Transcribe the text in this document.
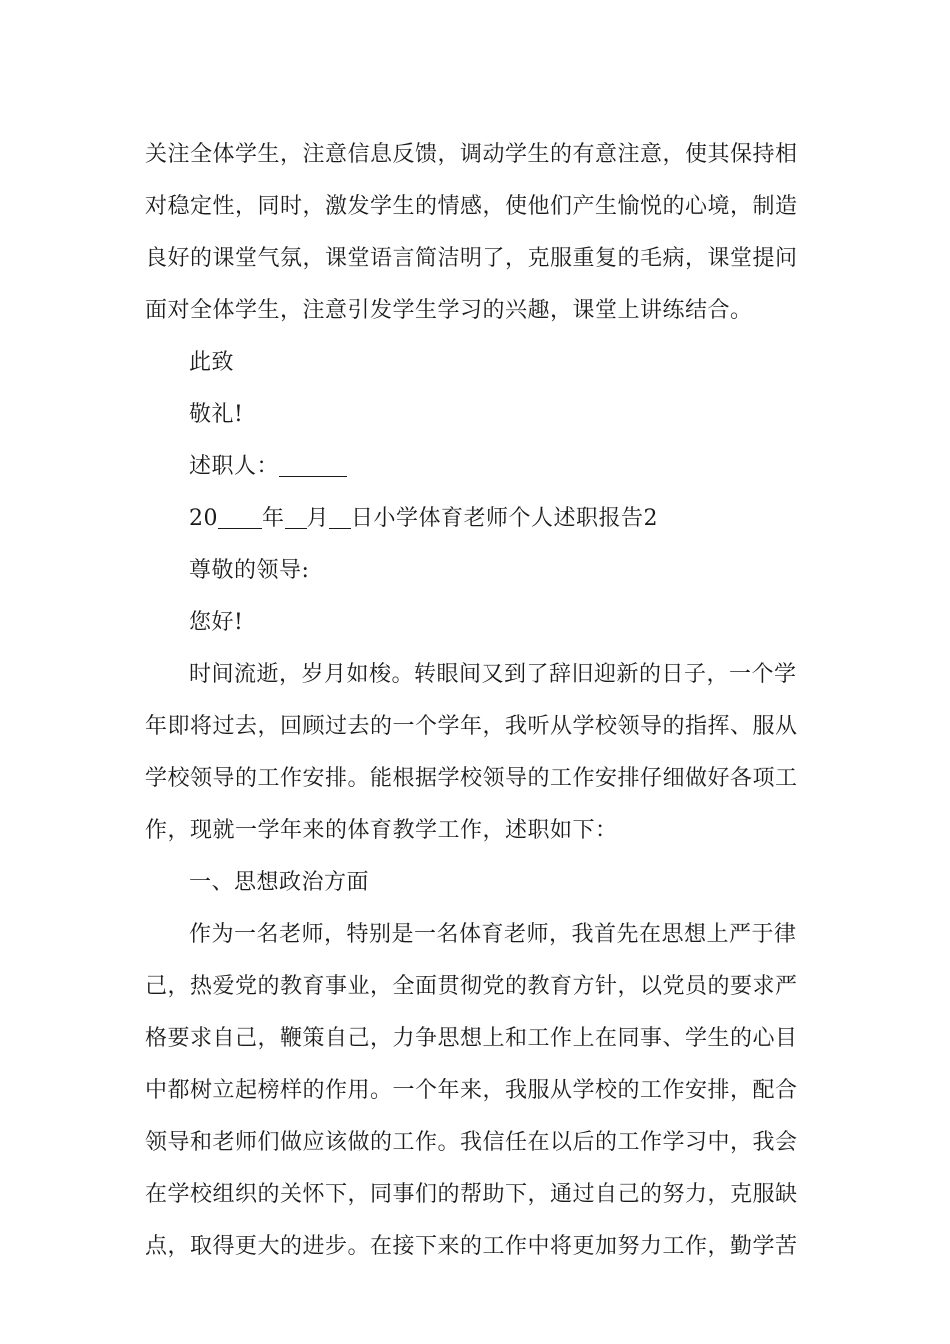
关注全体学生，注意信息反馈，调动学生的有意注意，使其保持相
对稳定性，同时，激发学生的情感，使他们产生愉悦的心境，制造
良好的课堂气氛，课堂语言简洁明了，克服重复的毛病，课堂提问
面对全体学生，注意引发学生学习的兴趣，课堂上讲练结合。
此致
敬礼!
述职人：
20 年 月 日小学体育老师个人述职报告2
尊敬的领导:
您好!
时间流逝，岁月如梭。转眼间又到了辞旧迎新的日子，一个学
年即将过去，回顾过去的一个学年，我听从学校领导的指挥、服从
学校领导的工作安排。能根据学校领导的工作安排仔细做好各项工
作，现就一学年来的体育教学工作，述职如下：
一、思想政治方面
作为一名老师，特别是一名体育老师，我首先在思想上严于律
己，热爱党的教育事业，全面贯彻党的教育方针，以党员的要求严
格要求自己，鞭策自己，力争思想上和工作上在同事、学生的心目
中都树立起榜样的作用。一个年来，我服从学校的工作安排，配合
领导和老师们做应该做的工作。我信任在以后的工作学习中，我会
在学校组织的关怀下，同事们的帮助下，通过自己的努力，克服缺
点，取得更大的进步。在接下来的工作中将更加努力工作，勤学苦
